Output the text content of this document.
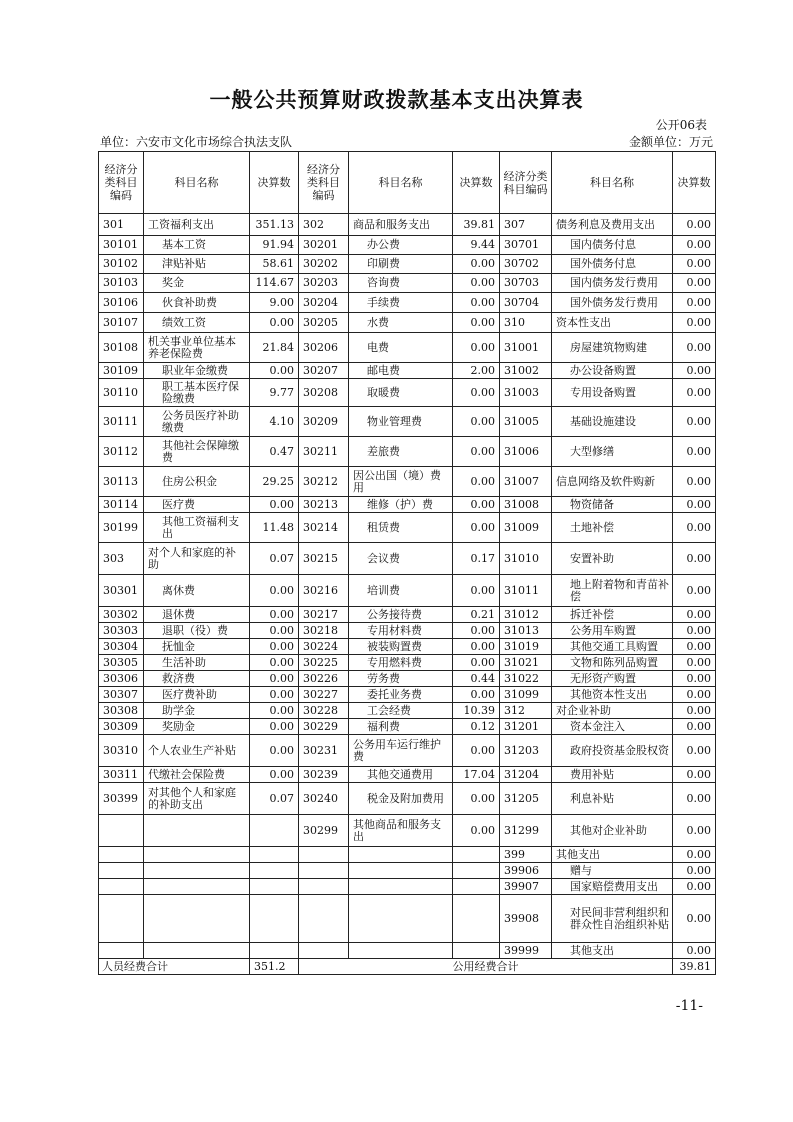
一般公共预算财政拨款基本支出决算表
公开06表
单位：六安市文化市场综合执法支队	金额单位：万元
经济分类科目编码	科目名称	决算数	经济分类科目编码	科目名称	决算数	经济分类科目编码	科目名称	决算数
301	工资福利支出	351.13	302	商品和服务支出	39.81	307	债务利息及费用支出	0.00
30101	基本工资	91.94	30201	办公费	9.44	30701	国内债务付息	0.00
30102	津贴补贴	58.61	30202	印刷费	0.00	30702	国外债务付息	0.00
30103	奖金	114.67	30203	咨询费	0.00	30703	国内债务发行费用	0.00
30106	伙食补助费	9.00	30204	手续费	0.00	30704	国外债务发行费用	0.00
30107	绩效工资	0.00	30205	水费	0.00	310	资本性支出	0.00
30108	机关事业单位基本养老保险费	21.84	30206	电费	0.00	31001	房屋建筑物购建	0.00
30109	职业年金缴费	0.00	30207	邮电费	2.00	31002	办公设备购置	0.00
30110	职工基本医疗保险缴费	9.77	30208	取暖费	0.00	31003	专用设备购置	0.00
30111	公务员医疗补助缴费	4.10	30209	物业管理费	0.00	31005	基础设施建设	0.00
30112	其他社会保障缴费	0.47	30211	差旅费	0.00	31006	大型修缮	0.00
30113	住房公积金	29.25	30212	因公出国（境）费用	0.00	31007	信息网络及软件购新	0.00
30114	医疗费	0.00	30213	维修（护）费	0.00	31008	物资储备	0.00
30199	其他工资福利支出	11.48	30214	租赁费	0.00	31009	土地补偿	0.00
303	对个人和家庭的补助	0.07	30215	会议费	0.17	31010	安置补助	0.00
30301	离休费	0.00	30216	培训费	0.00	31011	地上附着物和青苗补偿	0.00
30302	退休费	0.00	30217	公务接待费	0.21	31012	拆迁补偿	0.00
30303	退职（役）费	0.00	30218	专用材料费	0.00	31013	公务用车购置	0.00
30304	抚恤金	0.00	30224	被装购置费	0.00	31019	其他交通工具购置	0.00
30305	生活补助	0.00	30225	专用燃料费	0.00	31021	文物和陈列品购置	0.00
30306	救济费	0.00	30226	劳务费	0.44	31022	无形资产购置	0.00
30307	医疗费补助	0.00	30227	委托业务费	0.00	31099	其他资本性支出	0.00
30308	助学金	0.00	30228	工会经费	10.39	312	对企业补助	0.00
30309	奖励金	0.00	30229	福利费	0.12	31201	资本金注入	0.00
30310	个人农业生产补贴	0.00	30231	公务用车运行维护费	0.00	31203	政府投资基金股权资	0.00
30311	代缴社会保险费	0.00	30239	其他交通费用	17.04	31204	费用补贴	0.00
30399	对其他个人和家庭的补助支出	0.07	30240	税金及附加费用	0.00	31205	利息补贴	0.00
			30299	其他商品和服务支出	0.00	31299	其他对企业补助	0.00
						399	其他支出	0.00
						39906	赠与	0.00
						39907	国家赔偿费用支出	0.00
						39908	对民间非营利组织和群众性自治组织补贴	0.00
						39999	其他支出	0.00
人员经费合计		351.2	公用经费合计					39.81
-11-
